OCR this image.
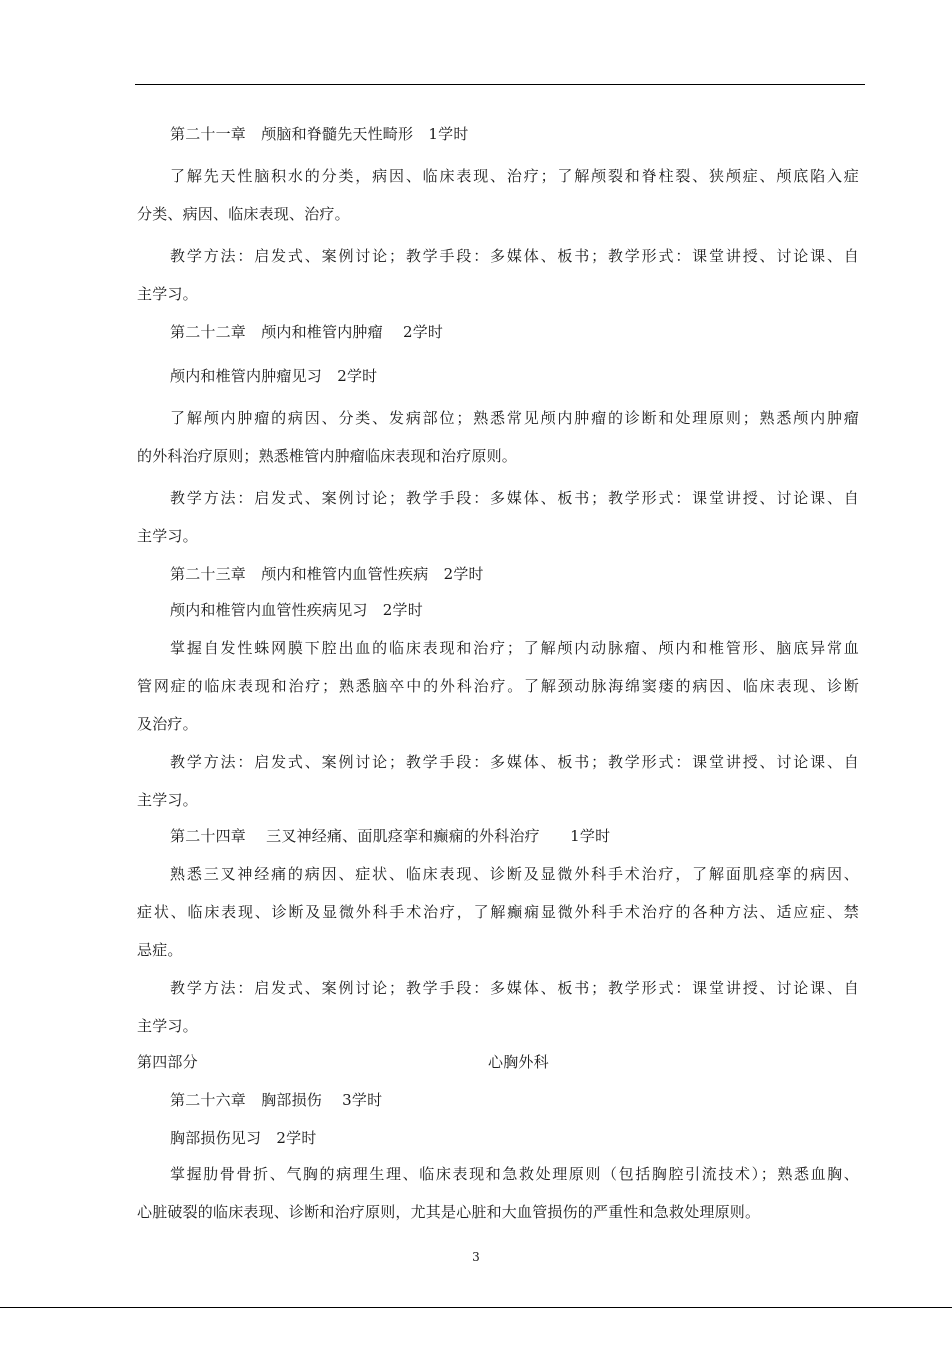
第二十一章　颅脑和脊髓先天性畸形　1学时
了解先天性脑积水的分类，病因、临床表现、治疗；了解颅裂和脊柱裂、狭颅症、颅底陷入症
分类、病因、临床表现、治疗。
教学方法：启发式、案例讨论；教学手段：多媒体、板书；教学形式：课堂讲授、讨论课、自
主学习。
第二十二章　颅内和椎管内肿瘤　 2学时
颅内和椎管内肿瘤见习　2学时
了解颅内肿瘤的病因、分类、发病部位；熟悉常见颅内肿瘤的诊断和处理原则；熟悉颅内肿瘤
的外科治疗原则；熟悉椎管内肿瘤临床表现和治疗原则。
教学方法：启发式、案例讨论；教学手段：多媒体、板书；教学形式：课堂讲授、讨论课、自
主学习。
第二十三章　颅内和椎管内血管性疾病　2学时
颅内和椎管内血管性疾病见习　2学时
掌握自发性蛛网膜下腔出血的临床表现和治疗；了解颅内动脉瘤、颅内和椎管形、脑底异常血
管网症的临床表现和治疗；熟悉脑卒中的外科治疗。了解颈动脉海绵窦瘘的病因、临床表现、诊断
及治疗。
教学方法：启发式、案例讨论；教学手段：多媒体、板书；教学形式：课堂讲授、讨论课、自
主学习。
第二十四章　 三叉神经痛、面肌痉挛和癫痫的外科治疗　　1学时
熟悉三叉神经痛的病因、症状、临床表现、诊断及显微外科手术治疗，了解面肌痉挛的病因、
症状、临床表现、诊断及显微外科手术治疗，了解癫痫显微外科手术治疗的各种方法、适应症、禁
忌症。
教学方法：启发式、案例讨论；教学手段：多媒体、板书；教学形式：课堂讲授、讨论课、自
主学习。
第四部分	心胸外科
第二十六章　胸部损伤　 3学时
胸部损伤见习　2学时
掌握肋骨骨折、气胸的病理生理、临床表现和急救处理原则（包括胸腔引流技术）；熟悉血胸、
心脏破裂的临床表现、诊断和治疗原则，尤其是心脏和大血管损伤的严重性和急救处理原则。
3
